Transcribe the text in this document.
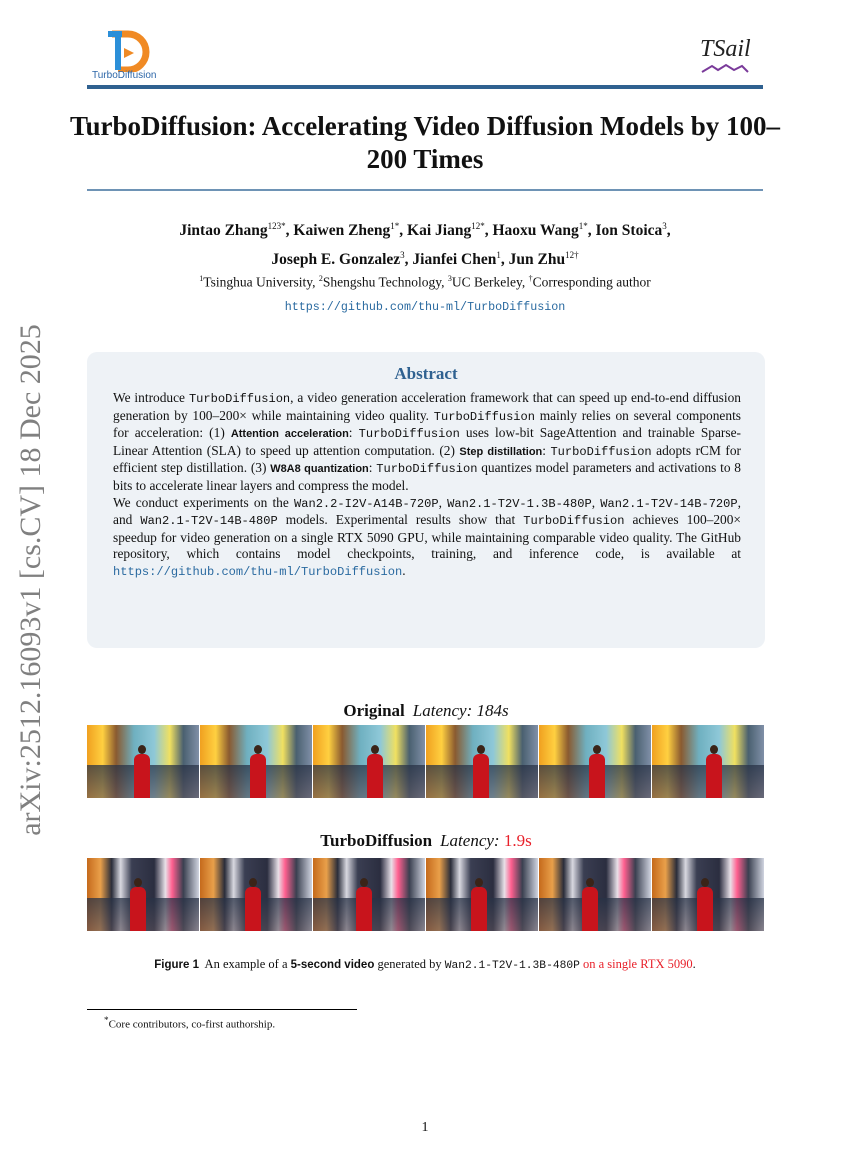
arXiv:2512.16093v1 [cs.CV] 18 Dec 2025
TurboDiffusion
TSail
TurboDiffusion: Accelerating Video Diffusion Models by 100–200 Times
Jintao Zhang$^{123*}$, Kaiwen Zheng$^{1*}$, Kai Jiang$^{12*}$, Haoxu Wang$^{1*}$, Ion Stoica$^3$,
Joseph E. Gonzalez$^3$, Jianfei Chen$^1$, Jun Zhu$^{12\dagger}$
$^1$Tsinghua University, $^2$Shengshu Technology, $^3$UC Berkeley, †Corresponding author
https://github.com/thu-ml/TurboDiffusion
Abstract

We introduce TurboDiffusion, a video generation acceleration framework that can speed up end-to-end diffusion generation by 100–200× while maintaining video quality. TurboDiffusion mainly relies on several components for acceleration: (1) Attention acceleration: TurboDiffusion uses low-bit SageAttention and trainable Sparse-Linear Attention (SLA) to speed up attention computation. (2) Step distillation: TurboDiffusion adopts rCM for efficient step distillation. (3) W8A8 quantization: TurboDiffusion quantizes model parameters and activations to 8 bits to accelerate linear layers and compress the model.

We conduct experiments on the Wan2.2-I2V-A14B-720P, Wan2.1-T2V-1.3B-480P, Wan2.1-T2V-14B-720P, and Wan2.1-T2V-14B-480P models. Experimental results show that TurboDiffusion achieves 100–200× speedup for video generation on a single RTX 5090 GPU, while maintaining comparable video quality. The GitHub repository, which contains model checkpoints, training, and inference code, is available at https://github.com/thu-ml/TurboDiffusion.

Original Latency: 184s
TurboDiffusion Latency: 1.9s
Figure 1 An example of a 5-second video generated by Wan2.1-T2V-1.3B-480P on a single RTX 5090.
*Core contributors, co-first authorship.
1
